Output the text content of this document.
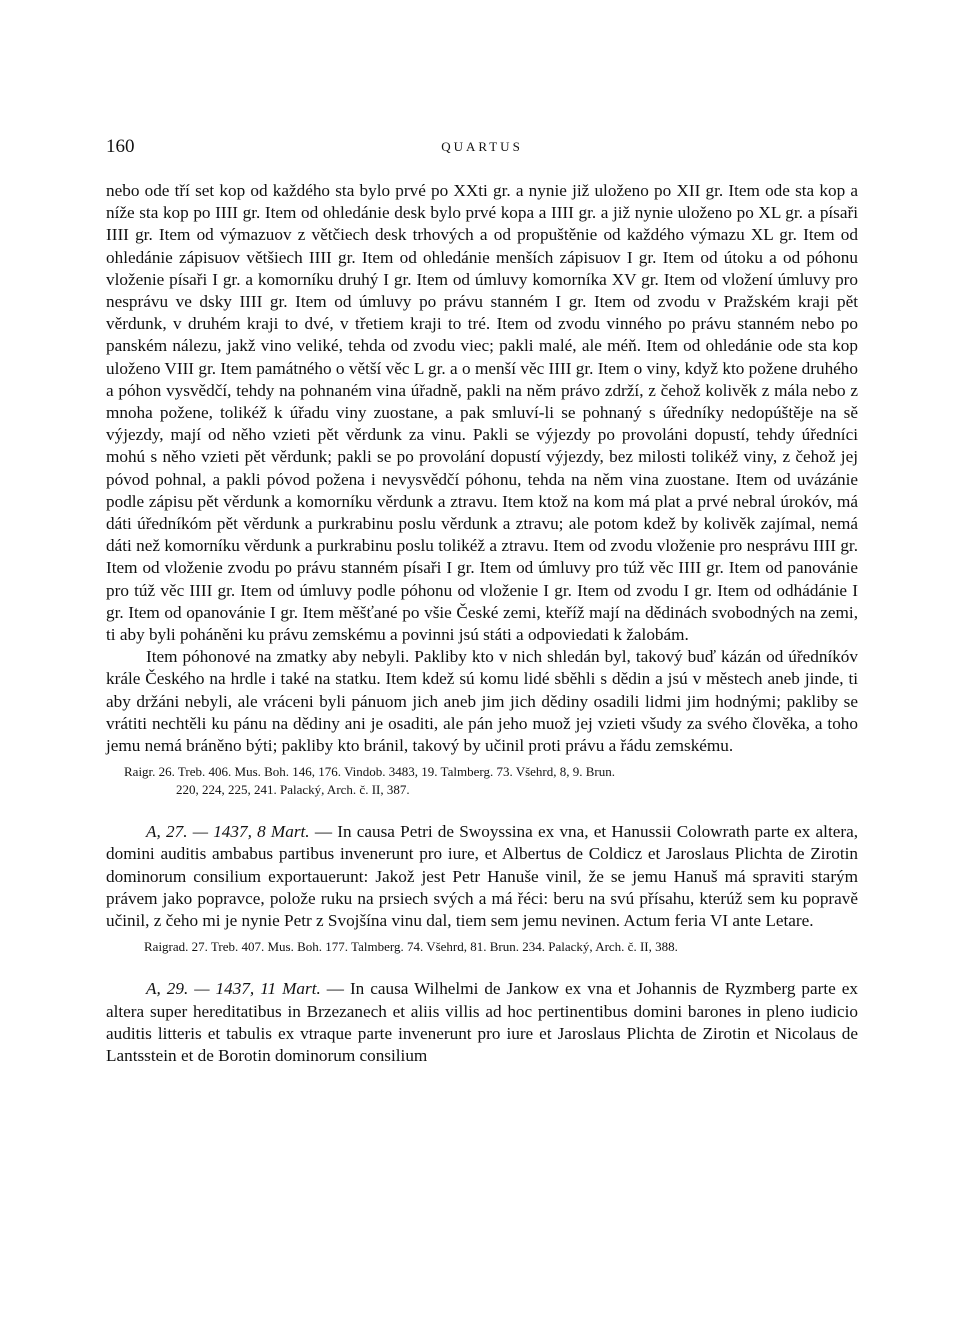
160	QUARTUS

nebo ode tří set kop od každého sta bylo prvé po XXti gr. a nynie již uloženo po XII gr. Item ode sta kop a níže sta kop po IIII gr. Item od ohledánie desk bylo prvé kopa a IIII gr. a již nynie uloženo po XL gr. a písaři IIII gr. Item od výmazuov z větčiech desk trhových a od propuštěnie od každého výmazu XL gr. Item od ohledánie zápisuov většiech IIII gr. Item od ohledánie menších zápisuov I gr. Item od útoku a od póhonu vloženie písaři I gr. a komorníku druhý I gr. Item od úmluvy komorníka XV gr. Item od vložení úmluvy pro nesprávu ve dsky IIII gr. Item od úmluvy po právu stanném I gr. Item od zvodu v Pražském kraji pět věrdunk, v druhém kraji to dvé, v třetiem kraji to tré. Item od zvodu vinného po právu stanném nebo po panském nálezu, jakž vino veliké, tehda od zvodu viec; pakli malé, ale méň. Item od ohledánie ode sta kop uloženo VIII gr. Item památného o větší věc L gr. a o menší věc IIII gr. Item o viny, když kto požene druhého a póhon vysvědčí, tehdy na pohnaném vina úřadně, pakli na něm právo zdrží, z čehož kolivěk z mála nebo z mnoha požene, tolikéž k úřadu viny zuostane, a pak smluví-li se pohnaný s úředníky nedopúštěje na sě výjezdy, mají od něho vzieti pět věrdunk za vinu. Pakli se výjezdy po provoláni dopustí, tehdy úředníci mohú s něho vzieti pět věrdunk; pakli se po provolání dopustí výjezdy, bez milosti tolikéž viny, z čehož jej póvod pohnal, a pakli póvod požena i nevysvědčí póhonu, tehda na něm vina zuostane. Item od uvázánie podle zápisu pět věrdunk a komorníku věrdunk a ztravu. Item ktož na kom má plat a prvé nebral úrokóv, má dáti úředníkóm pět věrdunk a purkrabinu poslu věrdunk a ztravu; ale potom kdež by kolivěk zajímal, nemá dáti než komorníku věrdunk a purkrabinu poslu tolikéž a ztravu. Item od zvodu vloženie pro nesprávu IIII gr. Item od vloženie zvodu po právu stanném písaři I gr. Item od úmluvy pro túž věc IIII gr. Item od panovánie pro túž věc IIII gr. Item od úmluvy podle póhonu od vloženie I gr. Item od zvodu I gr. Item od odhádánie I gr. Item od opanovánie I gr. Item měšťané po všie České zemi, kteříž mají na dědinách svobodných na zemi, ti aby byli poháněni ku právu zemskému a povinni jsú státi a odpoviedati k žalobám.

Item póhonové na zmatky aby nebyli. Pakliby kto v nich shledán byl, takový buď kázán od úředníkóv krále Českého na hrdle i také na statku. Item kdež sú komu lidé sběhli s dědin a jsú v městech aneb jinde, ti aby držáni nebyli, ale vráceni byli pánuom jich aneb jim jich dědiny osadili lidmi jim hodnými; pakliby se vrátiti nechtěli ku pánu na dědiny ani je osaditi, ale pán jeho muož jej vzieti všudy za svého člověka, a toho jemu nemá bráněno býti; pakliby kto bránil, takový by učinil proti právu a řádu zemskému.

Raigr. 26. Treb. 406. Mus. Boh. 146, 176. Vindob. 3483, 19. Talmberg. 73. Všehrd, 8, 9. Brun.
220, 224, 225, 241. Palacký, Arch. č. II, 387.

A, 27. — 1437, 8 Mart. — In causa Petri de Swoyssina ex vna, et Hanussii Colowrath parte ex altera, domini auditis ambabus partibus invenerunt pro iure, et Albertus de Coldicz et Jaroslaus Plichta de Zirotin dominorum consilium exportauerunt: Jakož jest Petr Hanuše vinil, že se jemu Hanuš má spraviti starým právem jako popravce, polože ruku na prsiech svých a má řéci: beru na svú přísahu, kterúž sem ku popravě učinil, z čeho mi je nynie Petr z Svojšína vinu dal, tiem sem jemu nevinen. Actum feria VI ante Letare.

Raigrad. 27. Treb. 407. Mus. Boh. 177. Talmberg. 74. Všehrd, 81. Brun. 234. Palacký, Arch. č. II, 388.

A, 29. — 1437, 11 Mart. — In causa Wilhelmi de Jankow ex vna et Johannis de Ryzmberg parte ex altera super hereditatibus in Brzezanech et aliis villis ad hoc pertinentibus domini barones in pleno iudicio auditis litteris et tabulis ex vtraque parte invenerunt pro iure et Jaroslaus Plichta de Zirotin et Nicolaus de Lantsstein et de Borotin dominorum consilium
